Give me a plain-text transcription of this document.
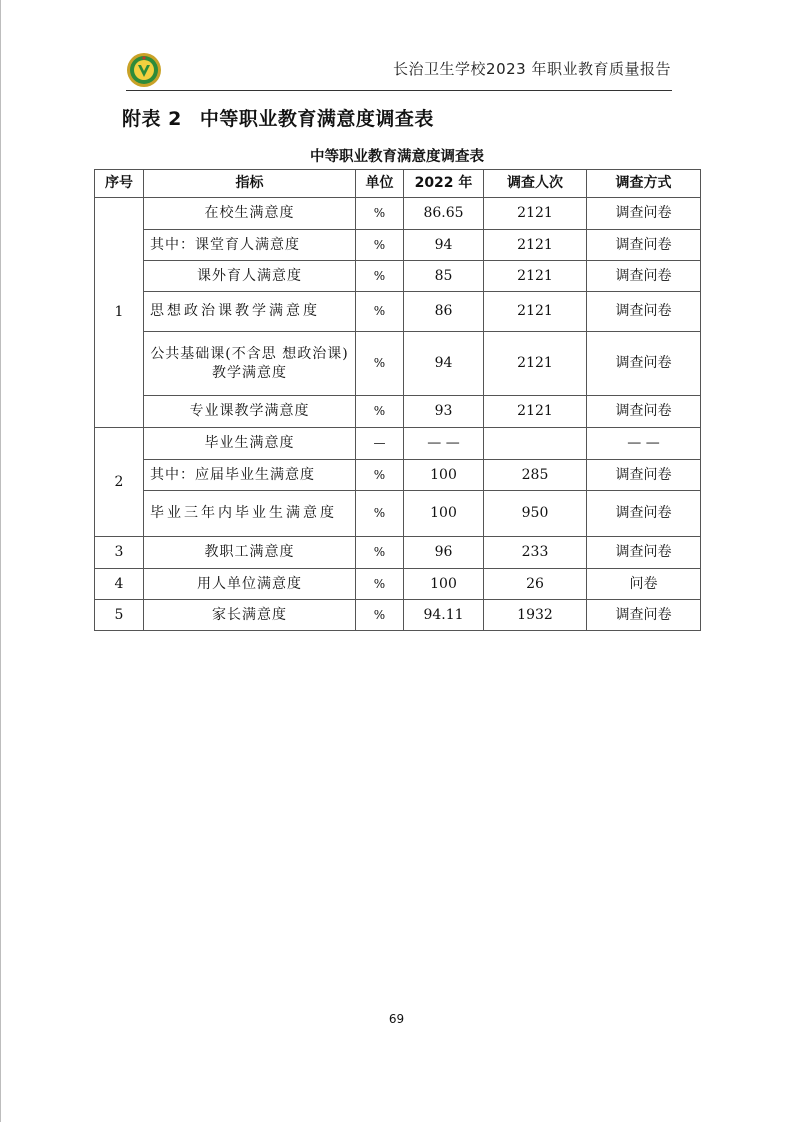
长治卫生学校2023 年职业教育质量报告
附表 2 中等职业教育满意度调查表
中等职业教育满意度调查表
序号	指标	单位	2022 年	调查人次	调查方式
1	在校生满意度	%	86.65	2121	调查问卷
	其中：课堂育人满意度	%	94	2121	调查问卷
	课外育人满意度	%	85	2121	调查问卷
	思想政治课教学满意度	%	86	2121	调查问卷
	公共基础课(不含思 想政治课)教学满意度	%	94	2121	调查问卷
	专业课教学满意度	%	93	2121	调查问卷
2	毕业生满意度	—	— —		— —
	其中：应届毕业生满意度	%	100	285	调查问卷
	毕业三年内毕业生满意度	%	100	950	调查问卷
3	教职工满意度	%	96	233	调查问卷
4	用人单位满意度	%	100	26	问卷
5	家长满意度	%	94.11	1932	调查问卷
69
